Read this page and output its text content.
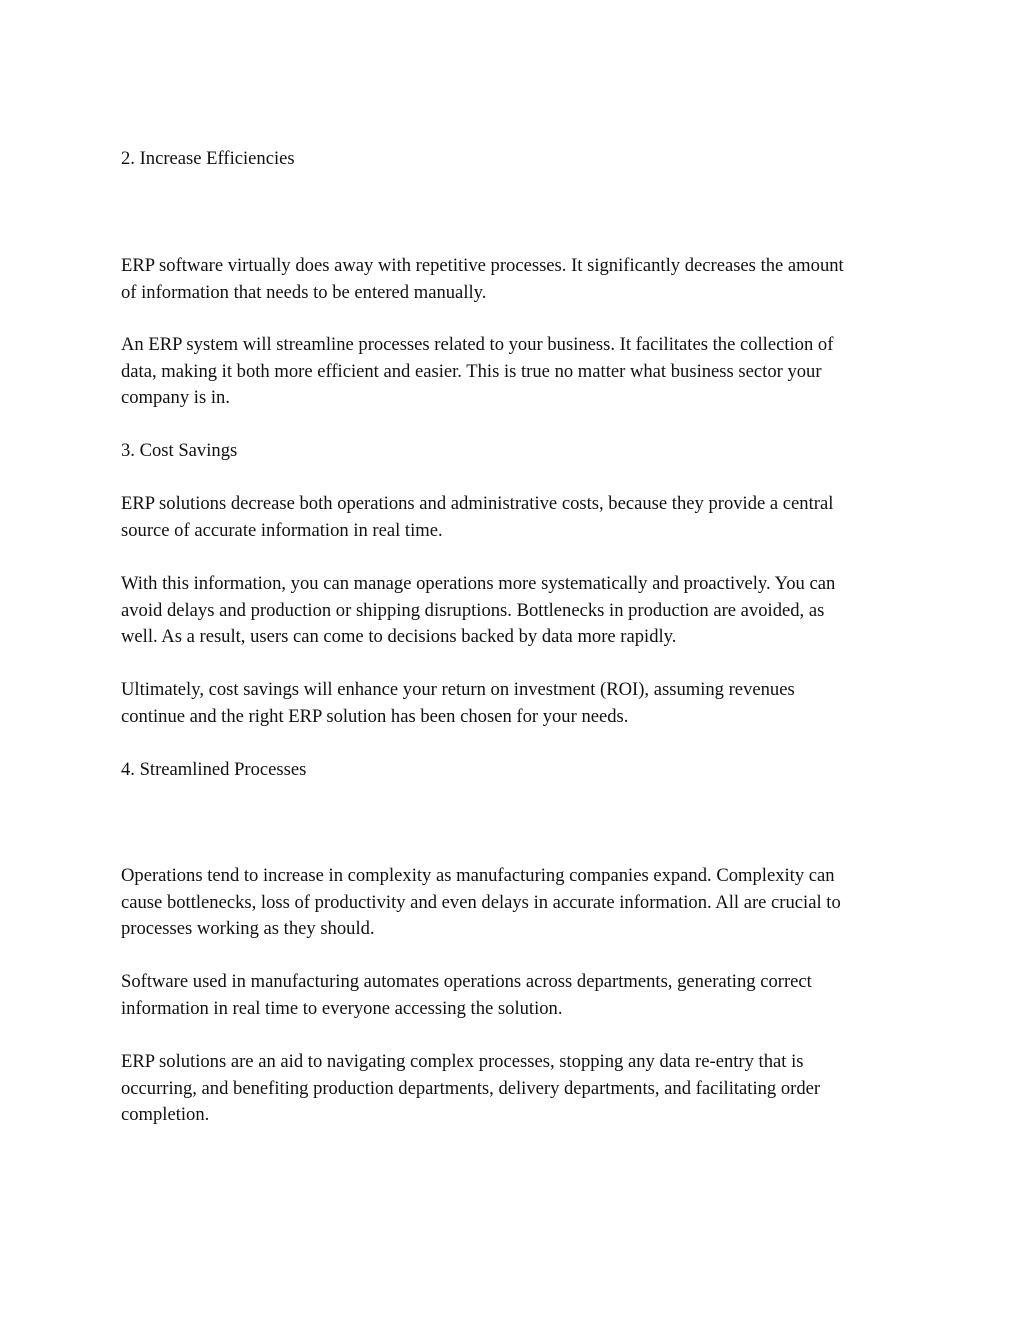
2. Increase Efficiencies

ERP software virtually does away with repetitive processes. It significantly decreases the amount
of information that needs to be entered manually.

An ERP system will streamline processes related to your business. It facilitates the collection of
data, making it both more efficient and easier. This is true no matter what business sector your
company is in.

3. Cost Savings

ERP solutions decrease both operations and administrative costs, because they provide a central
source of accurate information in real time.

With this information, you can manage operations more systematically and proactively. You can
avoid delays and production or shipping disruptions. Bottlenecks in production are avoided, as
well. As a result, users can come to decisions backed by data more rapidly.

Ultimately, cost savings will enhance your return on investment (ROI), assuming revenues
continue and the right ERP solution has been chosen for your needs.

4. Streamlined Processes

Operations tend to increase in complexity as manufacturing companies expand. Complexity can
cause bottlenecks, loss of productivity and even delays in accurate information. All are crucial to
processes working as they should.

Software used in manufacturing automates operations across departments, generating correct
information in real time to everyone accessing the solution.

ERP solutions are an aid to navigating complex processes, stopping any data re-entry that is
occurring, and benefiting production departments, delivery departments, and facilitating order
completion.
